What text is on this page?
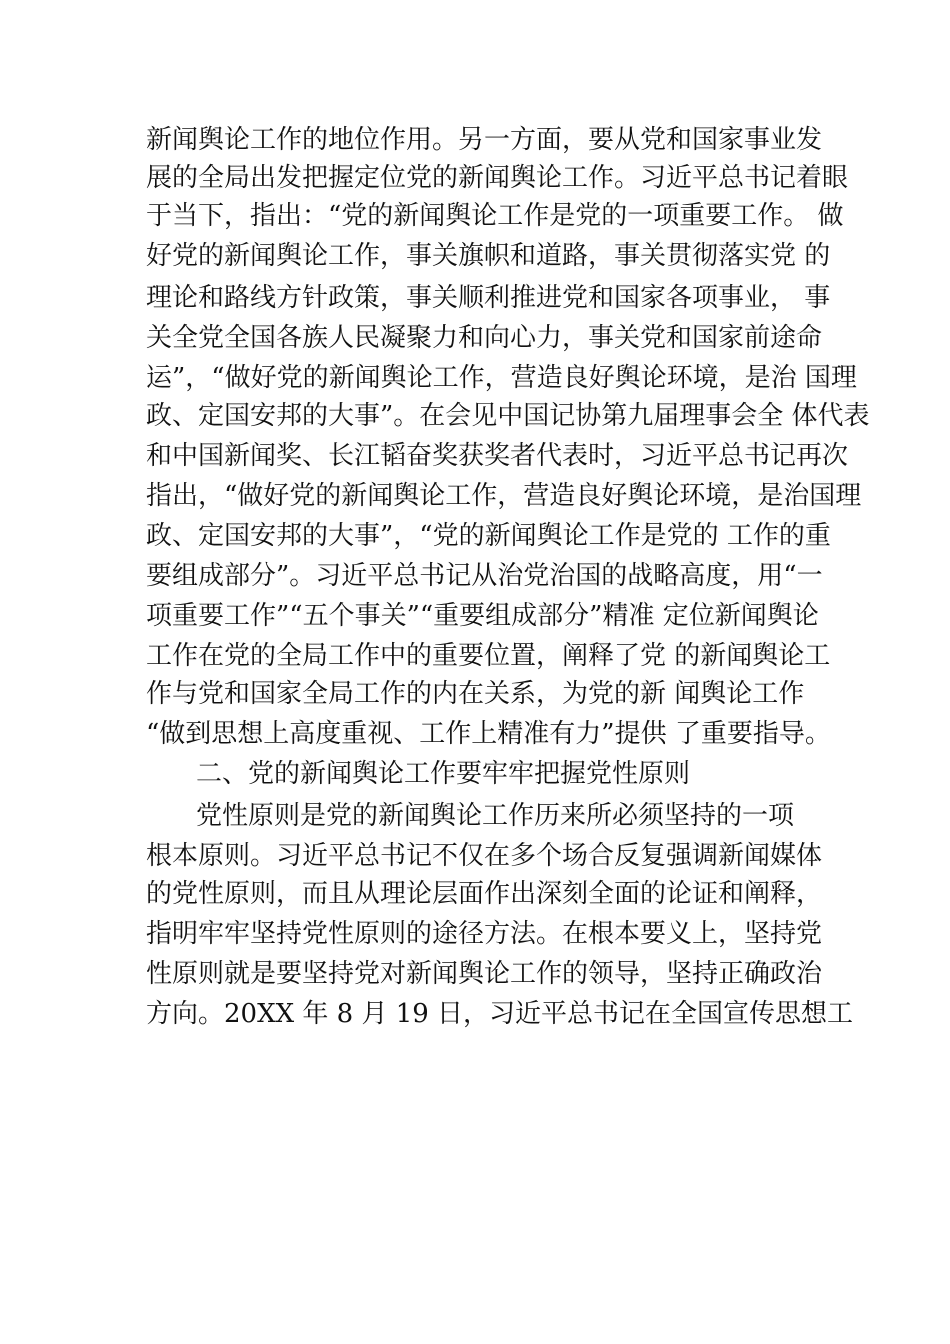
新闻舆论工作的地位作用。另一方面，要从党和国家事业发
展的全局出发把握定位党的新闻舆论工作。习近平总书记着眼
于当下，指出：“党的新闻舆论工作是党的一项重要工作。 做
好党的新闻舆论工作，事关旗帜和道路，事关贯彻落实党 的
理论和路线方针政策，事关顺利推进党和国家各项事业， 事
关全党全国各族人民凝聚力和向心力，事关党和国家前途命
运”，“做好党的新闻舆论工作，营造良好舆论环境，是治 国理
政、定国安邦的大事”。在会见中国记协第九届理事会全 体代表
和中国新闻奖、长江韬奋奖获奖者代表时，习近平总书记再次
指出，“做好党的新闻舆论工作，营造良好舆论环境，是治国理
政、定国安邦的大事”，“党的新闻舆论工作是党的 工作的重
要组成部分”。习近平总书记从治党治国的战略高度，用“一
项重要工作”“五个事关”“重要组成部分”精准 定位新闻舆论
工作在党的全局工作中的重要位置，阐释了党 的新闻舆论工
作与党和国家全局工作的内在关系，为党的新 闻舆论工作
“做到思想上高度重视、工作上精准有力”提供 了重要指导。
二、党的新闻舆论工作要牢牢把握党性原则
党性原则是党的新闻舆论工作历来所必须坚持的一项
根本原则。习近平总书记不仅在多个场合反复强调新闻媒体
的党性原则，而且从理论层面作出深刻全面的论证和阐释，
指明牢牢坚持党性原则的途径方法。在根本要义上，坚持党
性原则就是要坚持党对新闻舆论工作的领导，坚持正确政治
方向。20XX 年 8 月 19 日，习近平总书记在全国宣传思想工
